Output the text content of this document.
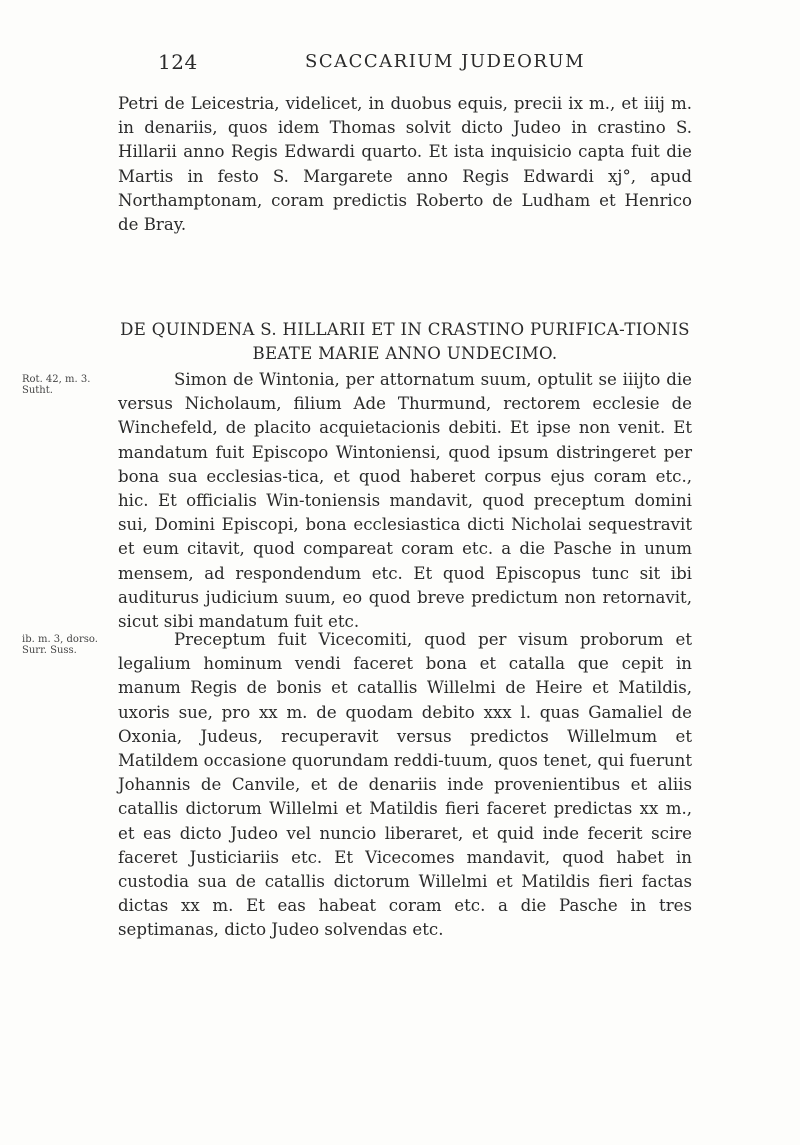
124	SCACCARIUM JUDEORUM

Petri de Leicestria, videlicet, in duobus equis, precii ix m., et iiij m. in denariis, quos idem Thomas solvit dicto Judeo in crastino S. Hillarii anno Regis Edwardi quarto. Et ista inquisicio capta fuit die Martis in festo S. Margarete anno Regis Edwardi xj°, apud Northamptonam, coram predictis Roberto de Ludham et Henrico de Bray.

DE QUINDENA S. HILLARII ET IN CRASTINO PURIFICA-TIONIS BEATE MARIE ANNO UNDECIMO.

Rot. 42, m. 3. Sutht.

Simon de Wintonia, per attornatum suum, optulit se iiijto die versus Nicholaum, filium Ade Thurmund, rectorem ecclesie de Winchefeld, de placito acquietacionis debiti. Et ipse non venit. Et mandatum fuit Episcopo Wintoniensi, quod ipsum distringeret per bona sua ecclesias-tica, et quod haberet corpus ejus coram etc., hic. Et officialis Win-toniensis mandavit, quod preceptum domini sui, Domini Episcopi, bona ecclesiastica dicti Nicholai sequestravit et eum citavit, quod compareat coram etc. a die Pasche in unum mensem, ad respondendum etc. Et quod Episcopus tunc sit ibi auditurus judicium suum, eo quod breve predictum non retornavit, sicut sibi mandatum fuit etc.

ib. m. 3, dorso. Surr. Suss.

Preceptum fuit Vicecomiti, quod per visum proborum et legalium hominum vendi faceret bona et catalla que cepit in manum Regis de bonis et catallis Willelmi de Heire et Matildis, uxoris sue, pro xx m. de quodam debito xxx l. quas Gamaliel de Oxonia, Judeus, recuperavit versus predictos Willelmum et Matildem occasione quorundam reddi-tuum, quos tenet, qui fuerunt Johannis de Canvile, et de denariis inde provenientibus et aliis catallis dictorum Willelmi et Matildis fieri faceret predictas xx m., et eas dicto Judeo vel nuncio liberaret, et quid inde fecerit scire faceret Justiciariis etc. Et Vicecomes mandavit, quod habet in custodia sua de catallis dictorum Willelmi et Matildis fieri factas dictas xx m. Et eas habeat coram etc. a die Pasche in tres septimanas, dicto Judeo solvendas etc.
